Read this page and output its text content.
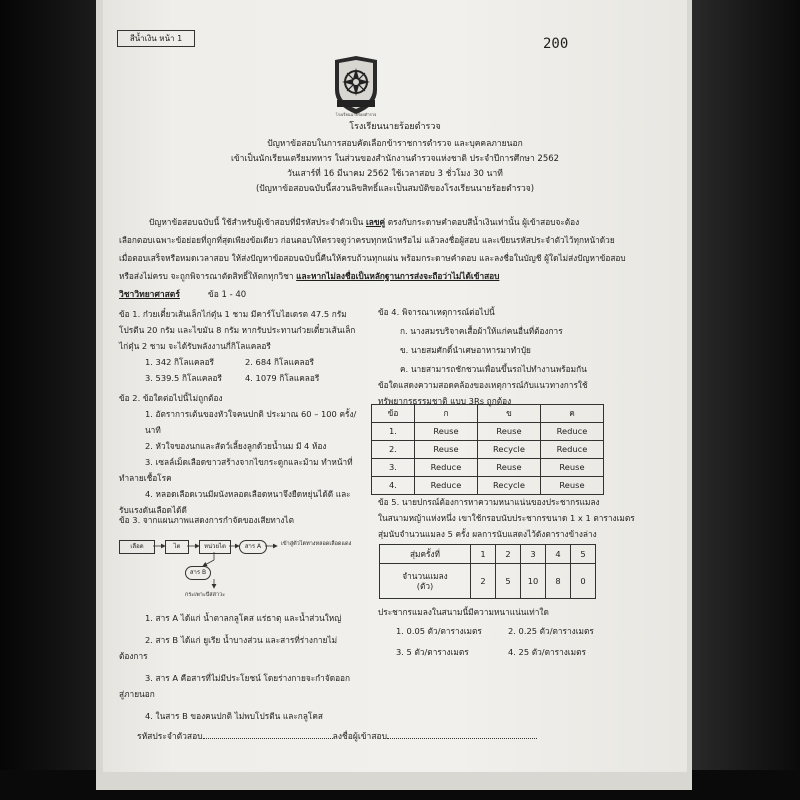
สีน้ำเงิน หน้า 1	200
โรงเรียนนายร้อยตำรวจ
โรงเรียนนายร้อยตำรวจ
ปัญหาข้อสอบในการสอบคัดเลือกข้าราชการตำรวจ และบุคคลภายนอก
เข้าเป็นนักเรียนเตรียมทหาร ในส่วนของสำนักงานตำรวจแห่งชาติ ประจำปีการศึกษา 2562
วันเสาร์ที่ 16 มีนาคม 2562 ใช้เวลาสอบ 3 ชั่วโมง 30 นาที
(ปัญหาข้อสอบฉบับนี้สงวนลิขสิทธิ์และเป็นสมบัติของโรงเรียนนายร้อยตำรวจ)
ปัญหาข้อสอบฉบับนี้ ใช้สำหรับผู้เข้าสอบที่มีรหัสประจำตัวเป็น เลขคู่ ตรงกับกระดาษคำตอบสีน้ำเงินเท่านั้น ผู้เข้าสอบจะต้อง
เลือกตอบเฉพาะข้อย่อยที่ถูกที่สุดเพียงข้อเดียว ก่อนตอบให้ตรวจดูว่าครบทุกหน้าหรือไม่ แล้วลงชื่อผู้สอบ และเขียนรหัสประจำตัวไว้ทุกหน้าด้วย
เมื่อตอบเสร็จหรือหมดเวลาสอบ ให้ส่งปัญหาข้อสอบฉบับนี้คืนให้ครบถ้วนทุกแผ่น พร้อมกระดาษคำตอบ และลงชื่อในบัญชี ผู้ใดไม่ส่งปัญหาข้อสอบ
หรือส่งไม่ครบ จะถูกพิจารณาตัดสิทธิ์ให้ตกทุกวิชา และหากไม่ลงชื่อเป็นหลักฐานการส่งจะถือว่าไม่ได้เข้าสอบ
วิชาวิทยาศาสตร์	ข้อ 1 - 40
ข้อ 1. ก๋วยเตี๋ยวเส้นเล็กไก่ตุ๋น 1 ชาม มีคาร์โบไฮเดรต 47.5 กรัม
โปรตีน 20 กรัม และไขมัน 8 กรัม หากรับประทานก๋วยเตี๋ยวเส้นเล็ก
ไก่ตุ๋น 2 ชาม จะได้รับพลังงานกี่กิโลแคลอรี
1. 342 กิโลแคลอรี	2. 684 กิโลแคลอรี
3. 539.5 กิโลแคลอรี	4. 1079 กิโลแคลอรี
ข้อ 2. ข้อใดต่อไปนี้ไม่ถูกต้อง
1. อัตราการเต้นของหัวใจคนปกติ ประมาณ 60 – 100 ครั้ง/นาที
2. หัวใจของนกและสัตว์เลี้ยงลูกด้วยน้ำนม มี 4 ห้อง
3. เซลล์เม็ดเลือดขาวสร้างจากไขกระดูกและม้าม ทำหน้าที่
ทำลายเชื้อโรค
4. หลอดเลือดเวนมีผนังหลอดเลือดหนาจึงยืดหยุ่นได้ดี และ
รับแรงดันเลือดได้ดี
ข้อ 3. จากแผนภาพแสดงการกำจัดของเสียทางไต
เลือด	ไต	หน่วยไต	สาร A	เข้าสู่ตัวไตทางหลอดเลือดแดง
สาร B
กระเพาะปัสสาวะ
1. สาร A ได้แก่ น้ำตาลกลูโคส แร่ธาตุ และน้ำส่วนใหญ่
2. สาร B ได้แก่ ยูเรีย น้ำบางส่วน และสารที่ร่างกายไม่
ต้องการ
3. สาร A คือสารที่ไม่มีประโยชน์ โดยร่างกายจะกำจัดออก
สู่ภายนอก
4. ในสาร B ของคนปกติ ไม่พบโปรตีน และกลูโคส
ข้อ 4. พิจารณาเหตุการณ์ต่อไปนี้
ก. นางสมรบริจาคเสื้อผ้าให้แก่คนอื่นที่ต้องการ
ข. นายสมศักดิ์นำเศษอาหารมาทำปุ๋ย
ค. นายสามารถชักชวนเพื่อนขึ้นรถไปทำงานพร้อมกัน
ข้อใดแสดงความสอดคล้องของเหตุการณ์กับแนวทางการใช้
ทรัพยากรธรรมชาติ แบบ 3Rs ถูกต้อง
ข้อ	ก	ข	ค
1.	Reuse	Reuse	Reduce
2.	Reuse	Recycle	Reduce
3.	Reduce	Reuse	Reuse
4.	Reduce	Recycle	Reuse
ข้อ 5. นายปกรณ์ต้องการหาความหนาแน่นของประชากรแมลง
ในสนามหญ้าแห่งหนึ่ง เขาใช้กรอบนับประชากรขนาด 1 x 1 ตารางเมตร
สุ่มนับจำนวนแมลง 5 ครั้ง ผลการนับแสดงไว้ดังตารางข้างล่าง
สุ่มครั้งที่	1	2	3	4	5

จำนวนแมลง
(ตัว)	2	5	10	8	0
ประชากรแมลงในสนามนี้มีความหนาแน่นเท่าใด
1. 0.05 ตัว/ตารางเมตร	2. 0.25 ตัว/ตารางเมตร
3. 5 ตัว/ตารางเมตร	4. 25 ตัว/ตารางเมตร
รหัสประจำตัวสอบ	ลงชื่อผู้เข้าสอบ
